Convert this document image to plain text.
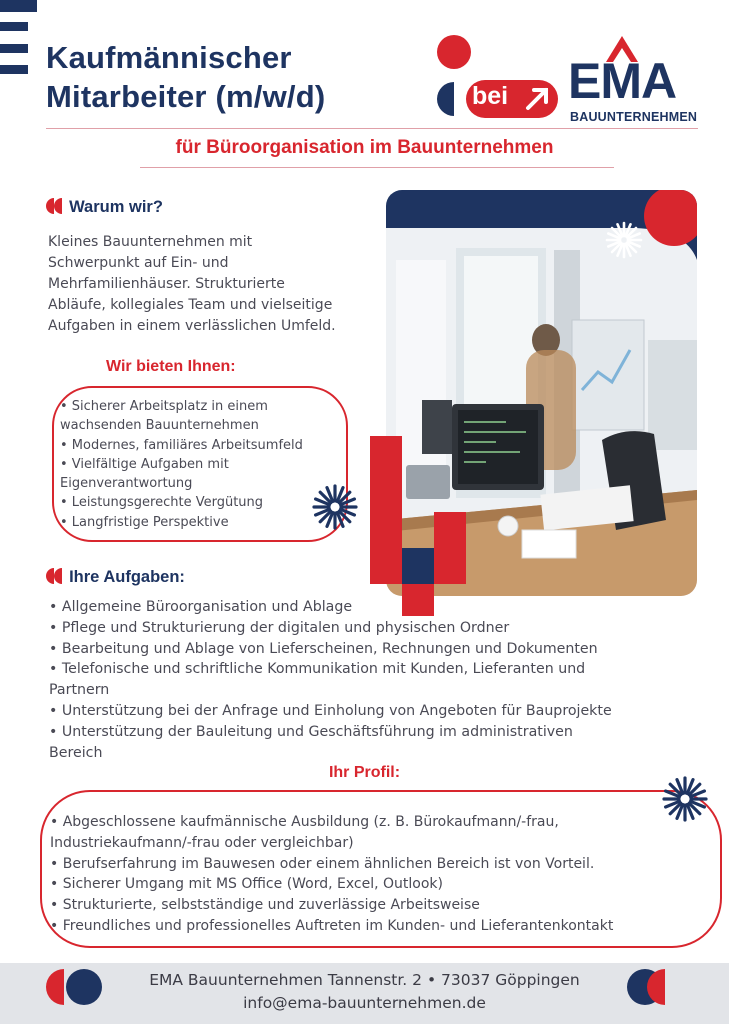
Kaufmännischer
Mitarbeiter (m/w/d)	bei EMA
BAUUNTERNEHMEN
für Büroorganisation im Bauunternehmen
Warum wir?
Kleines Bauunternehmen mit
Schwerpunkt auf Ein- und
Mehrfamilienhäuser. Strukturierte
Abläufe, kollegiales Team und vielseitige
Aufgaben in einem verlässlichen Umfeld.
Wir bieten Ihnen:
• Sicherer Arbeitsplatz in einem
wachsenden Bauunternehmen
• Modernes, familiäres Arbeitsumfeld
• Vielfältige Aufgaben mit
Eigenverantwortung
• Leistungsgerechte Vergütung
• Langfristige Perspektive
Ihre Aufgaben:
• Allgemeine Büroorganisation und Ablage
• Pflege und Strukturierung der digitalen und physischen Ordner
• Bearbeitung und Ablage von Lieferscheinen, Rechnungen und Dokumenten
• Telefonische und schriftliche Kommunikation mit Kunden, Lieferanten und
Partnern
• Unterstützung bei der Anfrage und Einholung von Angeboten für Bauprojekte
• Unterstützung der Bauleitung und Geschäftsführung im administrativen
Bereich
Ihr Profil:
• Abgeschlossene kaufmännische Ausbildung (z. B. Bürokaufmann/-frau,
Industriekaufmann/-frau oder vergleichbar)
• Berufserfahrung im Bauwesen oder einem ähnlichen Bereich ist von Vorteil.
• Sicherer Umgang mit MS Office (Word, Excel, Outlook)
• Strukturierte, selbstständige und zuverlässige Arbeitsweise
• Freundliches und professionelles Auftreten im Kunden- und Lieferantenkontakt
EMA Bauunternehmen Tannenstr. 2 • 73037 Göppingen
info@ema-bauunternehmen.de
